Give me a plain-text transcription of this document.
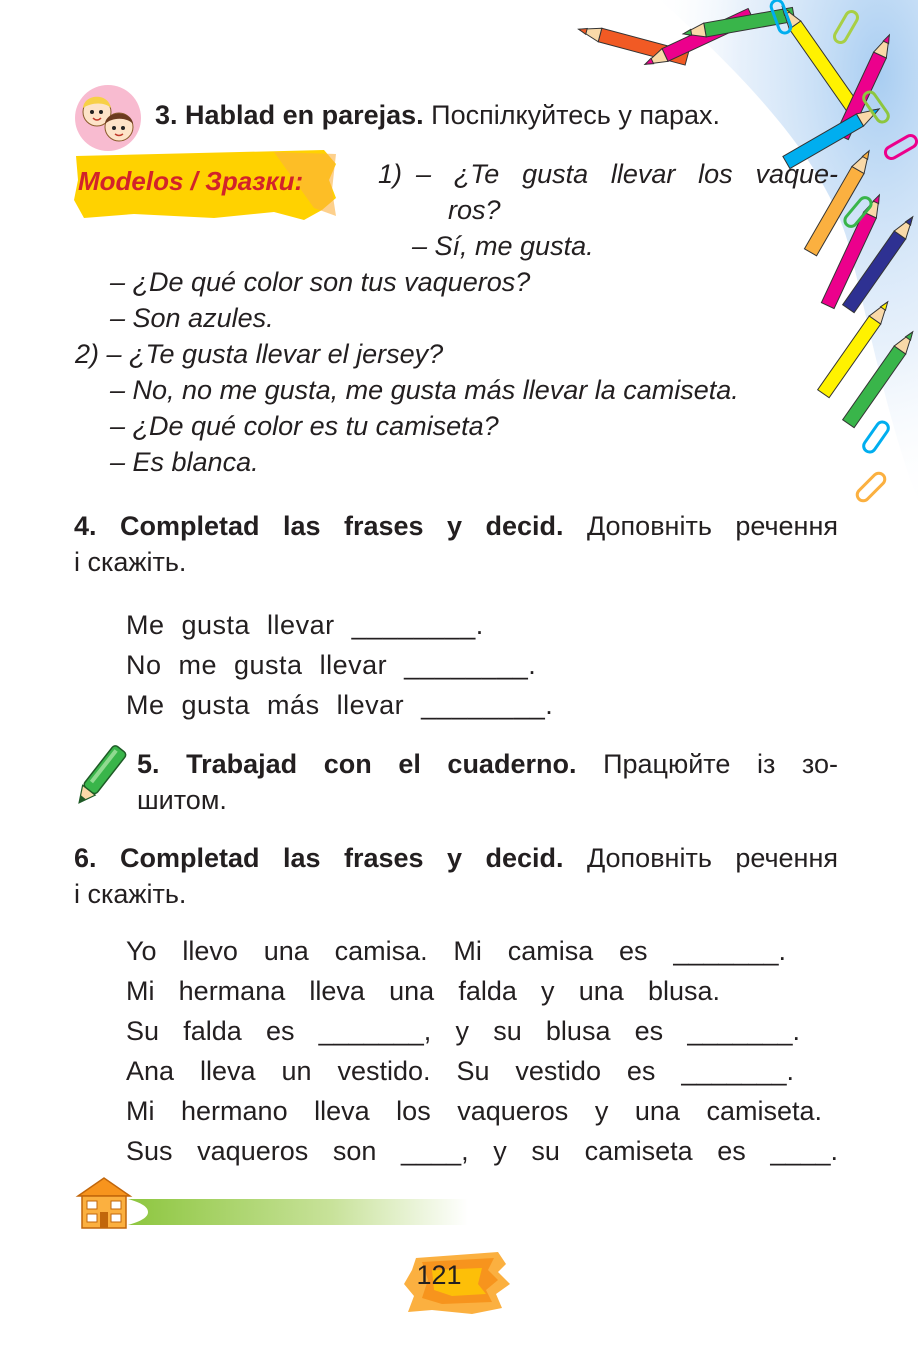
3. Hablad en parejas. Поспілкуйтесь у парах.
Modelos / Зразки:	1) – ¿Te gusta llevar los vaque-
ros?
– Sí, me gusta.
– ¿De qué color son tus vaqueros?
– Son azules.
2) – ¿Te gusta llevar el jersey?
– No, no me gusta, me gusta más llevar la camiseta.
– ¿De qué color es tu camiseta?
– Es blanca.
4. Completad las frases y decid. Доповніть речення
і скажіть.
Me gusta llevar ________.
No me gusta llevar ________.
Me gusta más llevar ________.
5. Trabajad con el cuaderno. Працюйте із зо-
шитом.
6. Completad las frases y decid. Доповніть речення
і скажіть.
Yo llevo una camisa. Mi camisa es _______.
Mi hermana lleva una falda y una blusa.
Su falda es _______, y su blusa es _______.
Ana lleva un vestido. Su vestido es _______.
Mi hermano lleva los vaqueros y una camiseta.
Sus vaqueros son ____, y su camiseta es ____.
121
